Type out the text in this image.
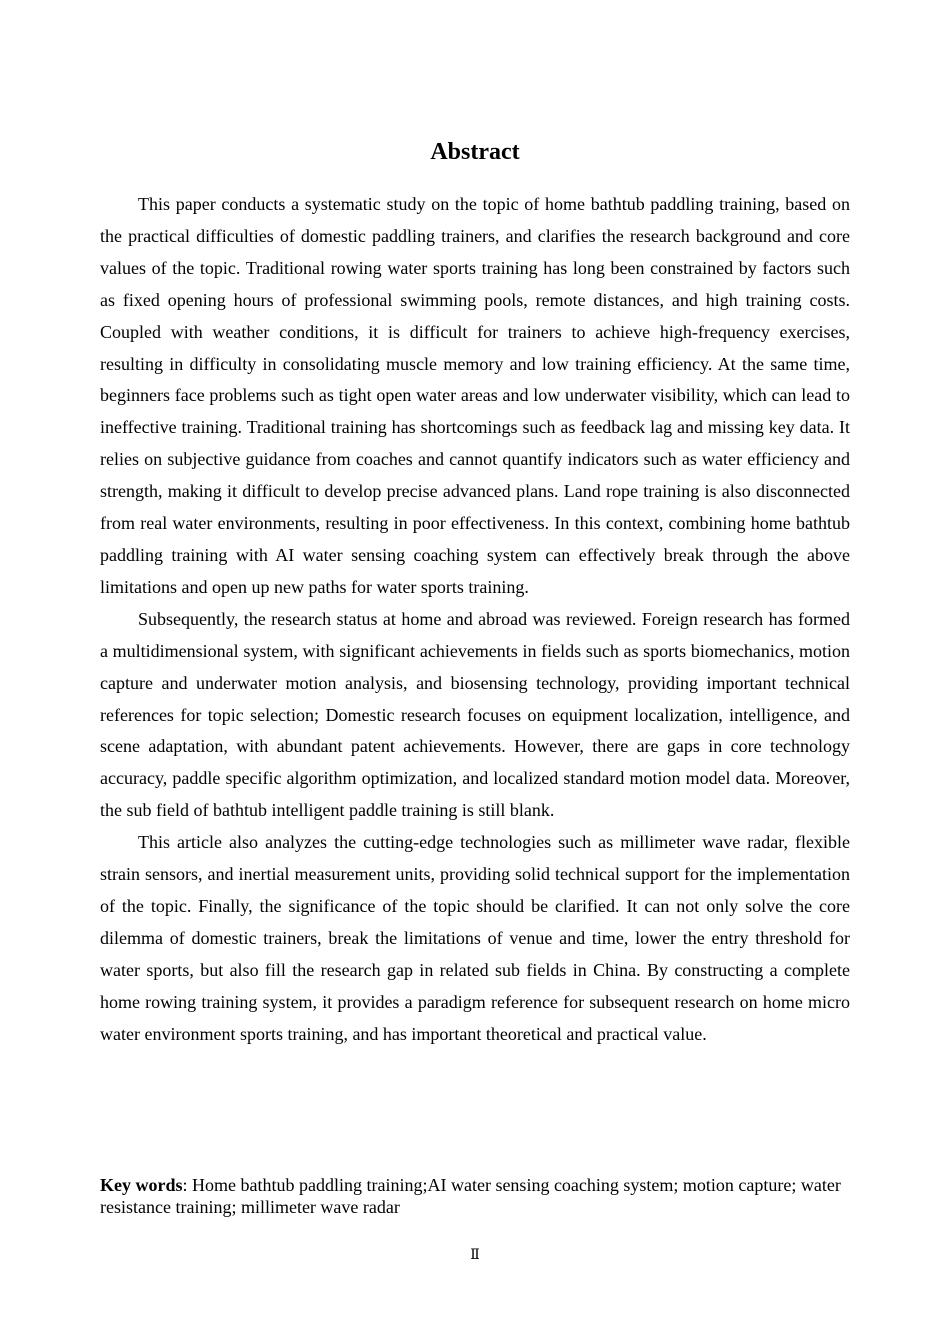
Abstract

This paper conducts a systematic study on the topic of home bathtub paddling training, based on the practical difficulties of domestic paddling trainers, and clarifies the research background and core values of the topic. Traditional rowing water sports training has long been constrained by factors such as fixed opening hours of professional swimming pools, remote distances, and high training costs. Coupled with weather conditions, it is difficult for trainers to achieve high-frequency exercises, resulting in difficulty in consolidating muscle memory and low training efficiency. At the same time, beginners face problems such as tight open water areas and low underwater visibility, which can lead to ineffective training. Traditional training has shortcomings such as feedback lag and missing key data. It relies on subjective guidance from coaches and cannot quantify indicators such as water efficiency and strength, making it difficult to develop precise advanced plans. Land rope training is also disconnected from real water environments, resulting in poor effectiveness. In this context, combining home bathtub paddling training with AI water sensing coaching system can effectively break through the above limitations and open up new paths for water sports training.

Subsequently, the research status at home and abroad was reviewed. Foreign research has formed a multidimensional system, with significant achievements in fields such as sports biomechanics, motion capture and underwater motion analysis, and biosensing technology, providing important technical references for topic selection; Domestic research focuses on equipment localization, intelligence, and scene adaptation, with abundant patent achievements. However, there are gaps in core technology accuracy, paddle specific algorithm optimization, and localized standard motion model data. Moreover, the sub field of bathtub intelligent paddle training is still blank.

This article also analyzes the cutting-edge technologies such as millimeter wave radar, flexible strain sensors, and inertial measurement units, providing solid technical support for the implementation of the topic. Finally, the significance of the topic should be clarified. It can not only solve the core dilemma of domestic trainers, break the limitations of venue and time, lower the entry threshold for water sports, but also fill the research gap in related sub fields in China. By constructing a complete home rowing training system, it provides a paradigm reference for subsequent research on home micro water environment sports training, and has important theoretical and practical value.

Key words: Home bathtub paddling training;AI water sensing coaching system; motion capture; water resistance training; millimeter wave radar

Ⅱ
